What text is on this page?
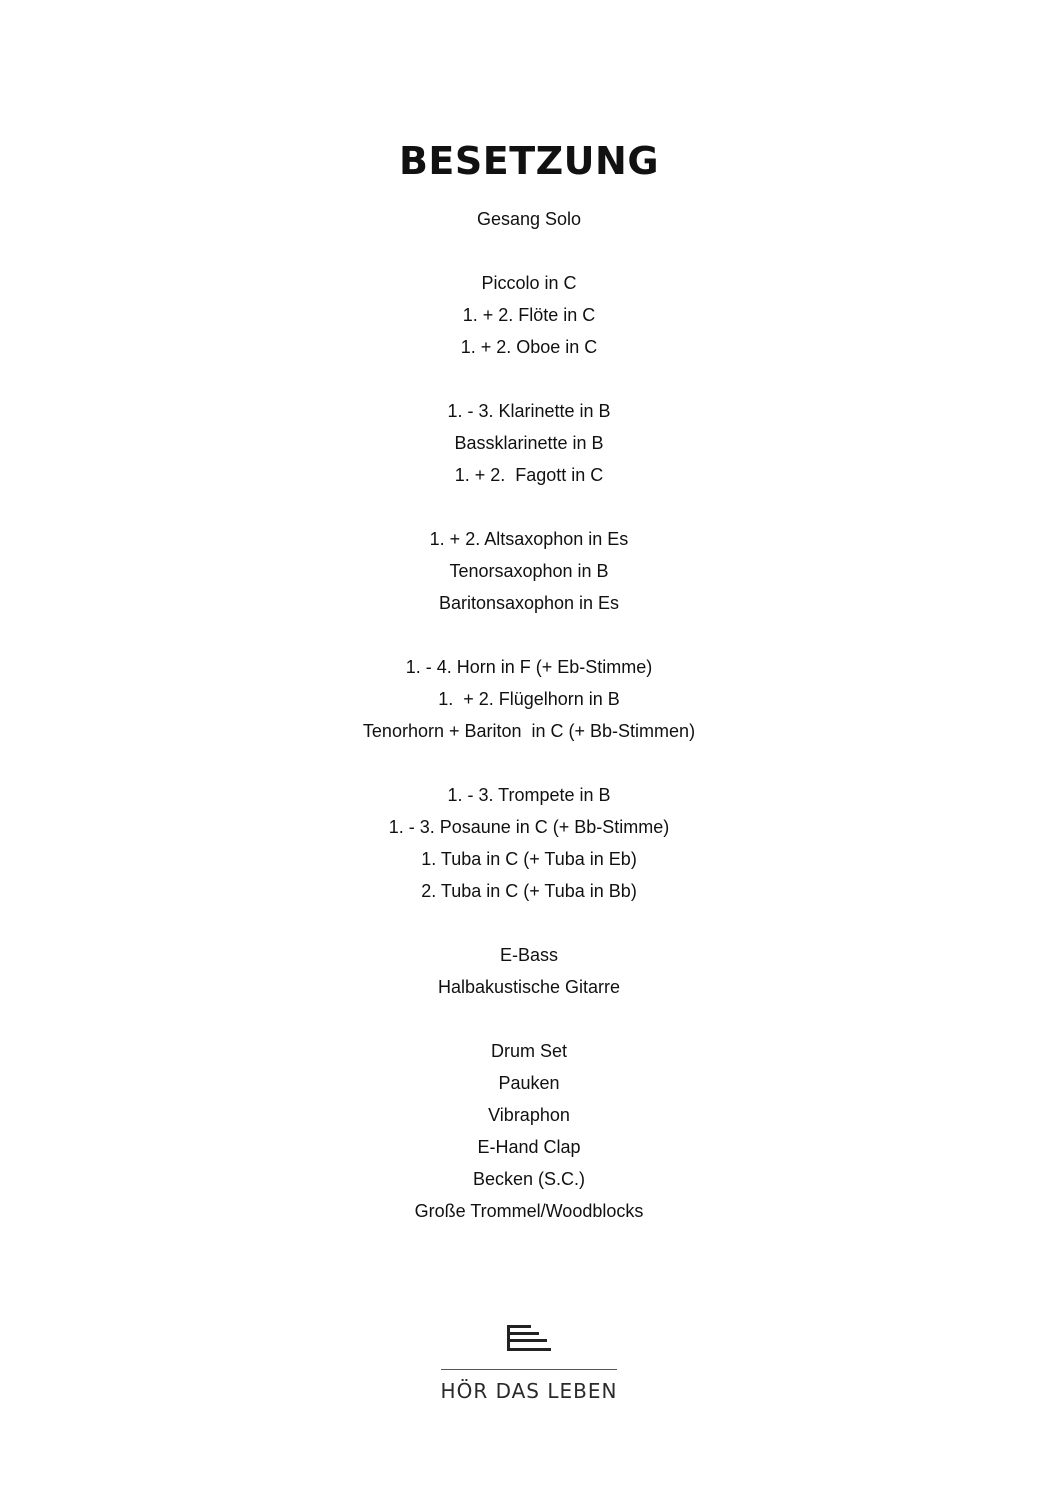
BESETZUNG
Gesang Solo
Piccolo in C
1. + 2. Flöte in C
1. + 2. Oboe in C
1. - 3. Klarinette in B
Bassklarinette in B
1. + 2.  Fagott in C
1. + 2. Altsaxophon in Es
Tenorsaxophon in B
Baritonsaxophon in Es
1. - 4. Horn in F (+ Eb-Stimme)
1.  + 2. Flügelhorn in B
Tenorhorn + Bariton  in C (+ Bb-Stimmen)
1. - 3. Trompete in B
1. - 3. Posaune in C (+ Bb-Stimme)
1. Tuba in C (+ Tuba in Eb)
2. Tuba in C (+ Tuba in Bb)
E-Bass
Halbakustische Gitarre
Drum Set
Pauken
Vibraphon
E-Hand Clap
Becken (S.C.)
Große Trommel/Woodblocks
HÖR DAS LEBEN
